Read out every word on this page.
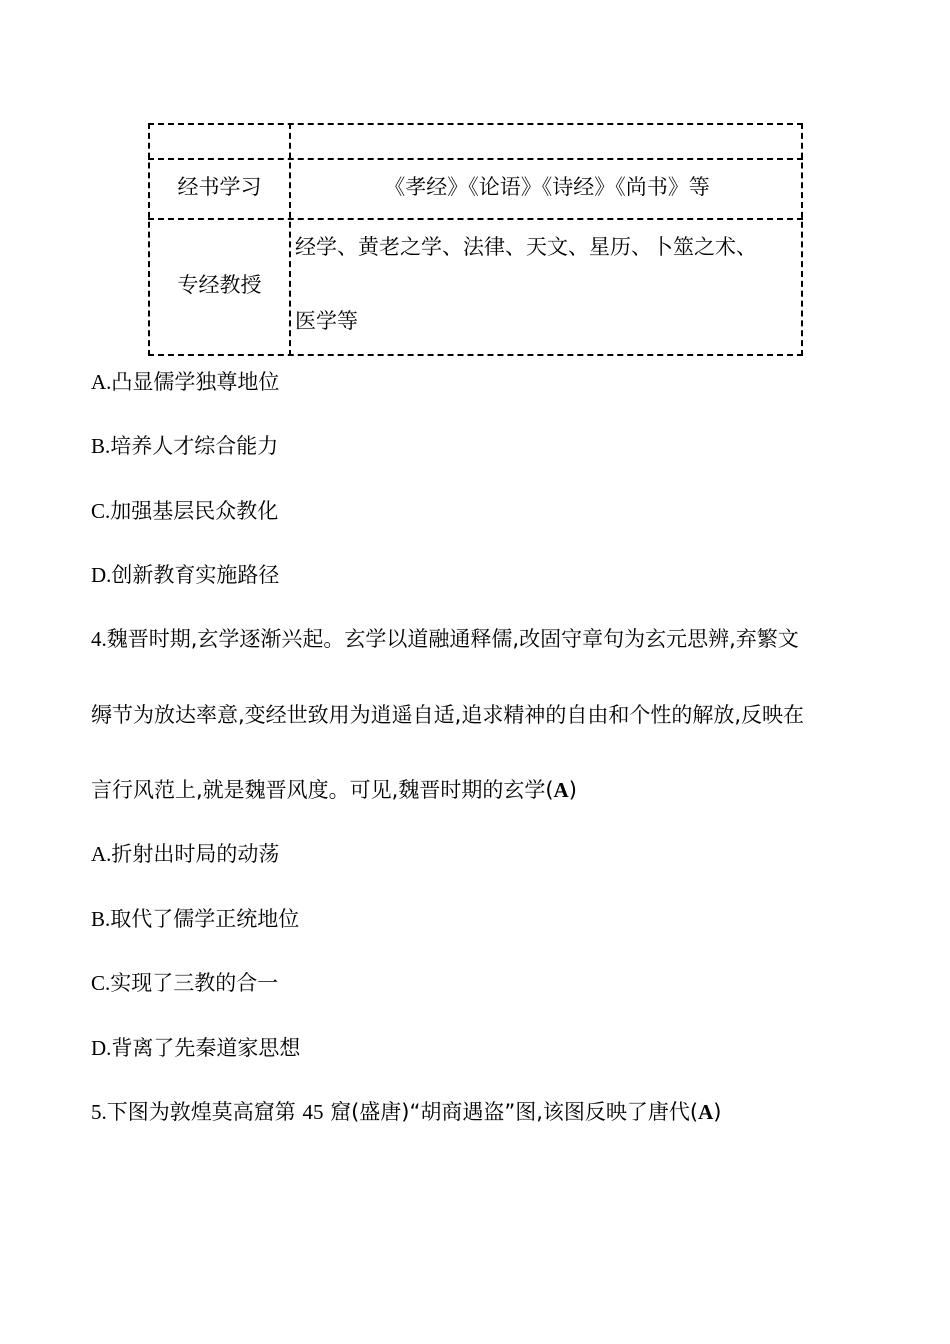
经书学习	《孝经》《论语》《诗经》《尚书》等
专经教授
经学、黄老之学、法律、天文、星历、卜筮之术、
医学等
A.凸显儒学独尊地位
B.培养人才综合能力
C.加强基层民众教化
D.创新教育实施路径
4.魏晋时期,玄学逐渐兴起。玄学以道融通释儒,改固守章句为玄元思辨,弃繁文
缛节为放达率意,变经世致用为逍遥自适,追求精神的自由和个性的解放,反映在
言行风范上,就是魏晋风度。可见,魏晋时期的玄学(A)
A.折射出时局的动荡
B.取代了儒学正统地位
C.实现了三教的合一
D.背离了先秦道家思想
5.下图为敦煌莫高窟第 45 窟(盛唐)“胡商遇盗”图,该图反映了唐代(A)
